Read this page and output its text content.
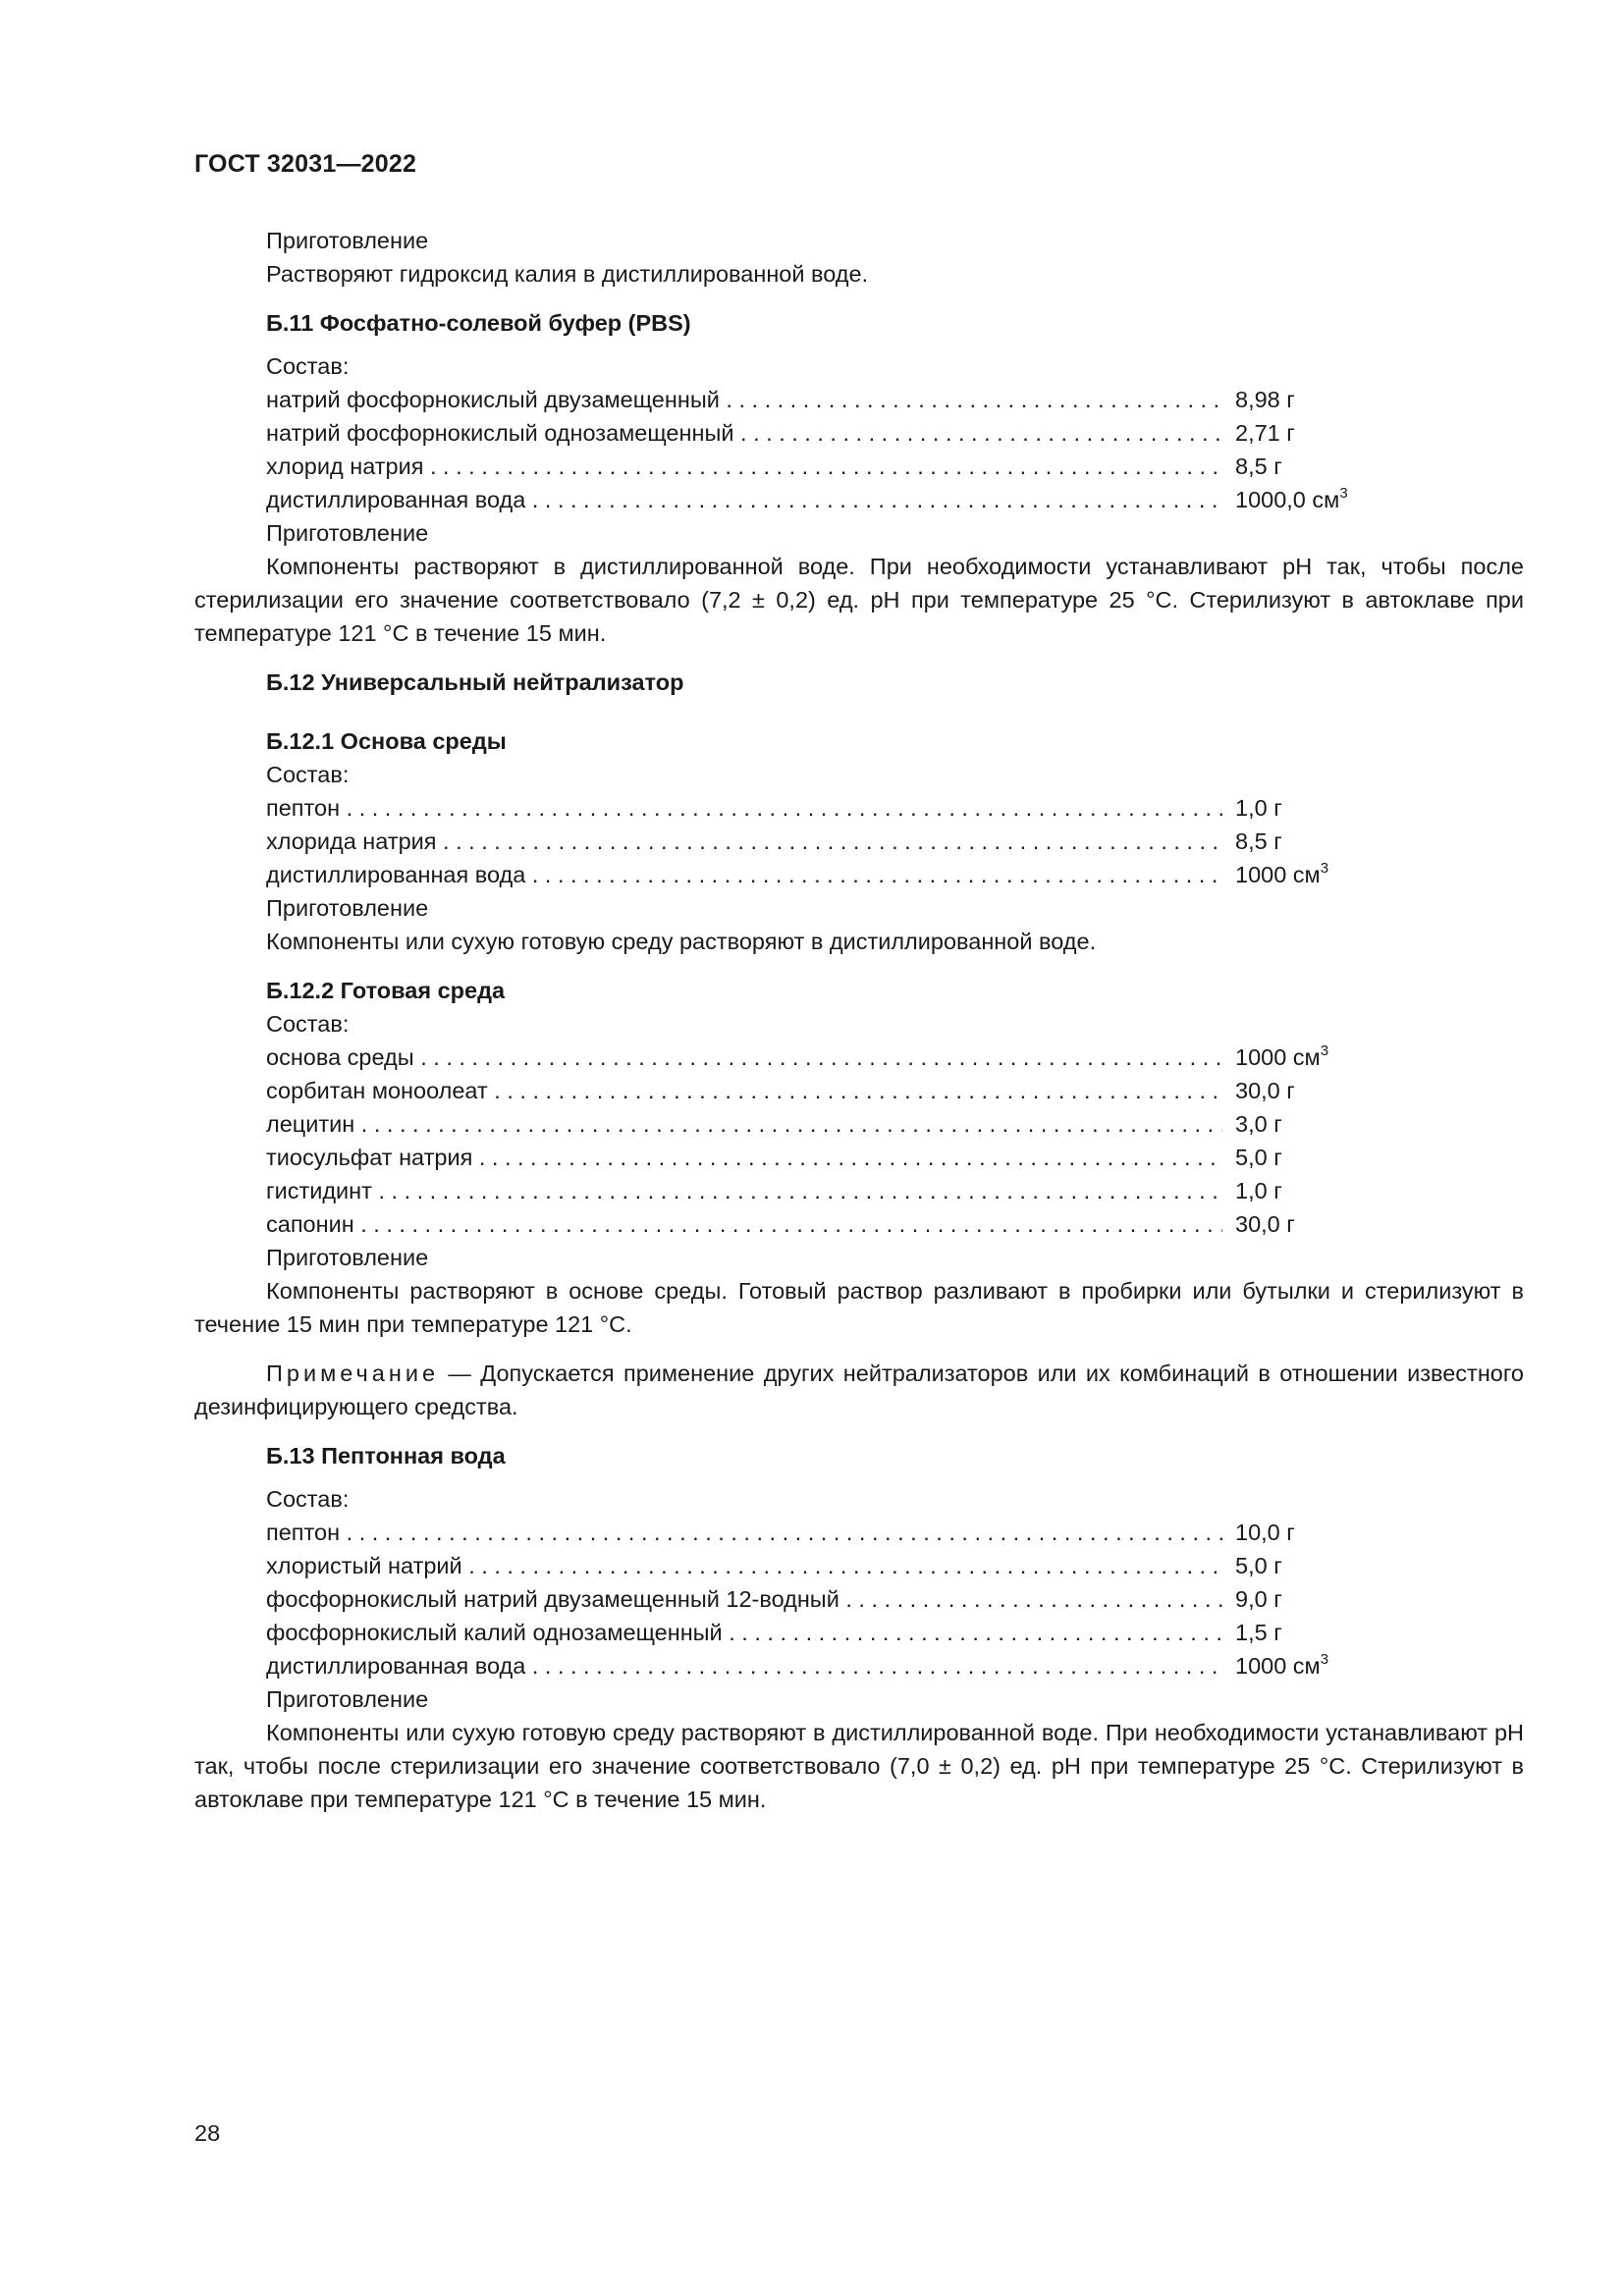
ГОСТ 32031—2022
Приготовление
Растворяют гидроксид калия в дистиллированной воде.
Б.11 Фосфатно-солевой буфер (PBS)
Состав:
натрий фосфорнокислый двузамещенный . . .	8,98 г
натрий фосфорнокислый однозамещенный . . .	2,71 г
хлорид натрия . . .	8,5 г
дистиллированная вода . . .	1000,0 $см^3$
Приготовление
Компоненты растворяют в дистиллированной воде. При необходимости устанавливают pH так, чтобы после стерилизации его значение соответствовало (7,2 ± 0,2) ед. pH при температуре 25 °С. Стерилизуют в автоклаве при температуре 121 °С в течение 15 мин.
Б.12 Универсальный нейтрализатор
Б.12.1 Основа среды
Состав:
пептон . . .	1,0 г
хлорида натрия . . .	8,5 г
дистиллированная вода . . .	1000 $см^3$
Приготовление
Компоненты или сухую готовую среду растворяют в дистиллированной воде.
Б.12.2 Готовая среда
Состав:
основа среды . . .	1000 $см^3$
сорбитан моноолеат . . .	30,0 г
лецитин . . .	3,0 г
тиосульфат натрия . . .	5,0 г
гистидинт . . .	1,0 г
сапонин . . .	30,0 г
Приготовление
Компоненты растворяют в основе среды. Готовый раствор разливают в пробирки или бутылки и стерилизуют в течение 15 мин при температуре 121 °С.
Примечание — Допускается применение других нейтрализаторов или их комбинаций в отношении известного дезинфицирующего средства.
Б.13 Пептонная вода
Состав:
пептон . . .	10,0 г
хлористый натрий . . .	5,0 г
фосфорнокислый натрий двузамещенный 12-водный . . .	9,0 г
фосфорнокислый калий однозамещенный . . .	1,5 г
дистиллированная вода . . .	1000 $см^3$
Приготовление
Компоненты или сухую готовую среду растворяют в дистиллированной воде. При необходимости устанавливают pH так, чтобы после стерилизации его значение соответствовало (7,0 ± 0,2) ед. pH при температуре 25 °С. Стерилизуют в автоклаве при температуре 121 °С в течение 15 мин.
28
